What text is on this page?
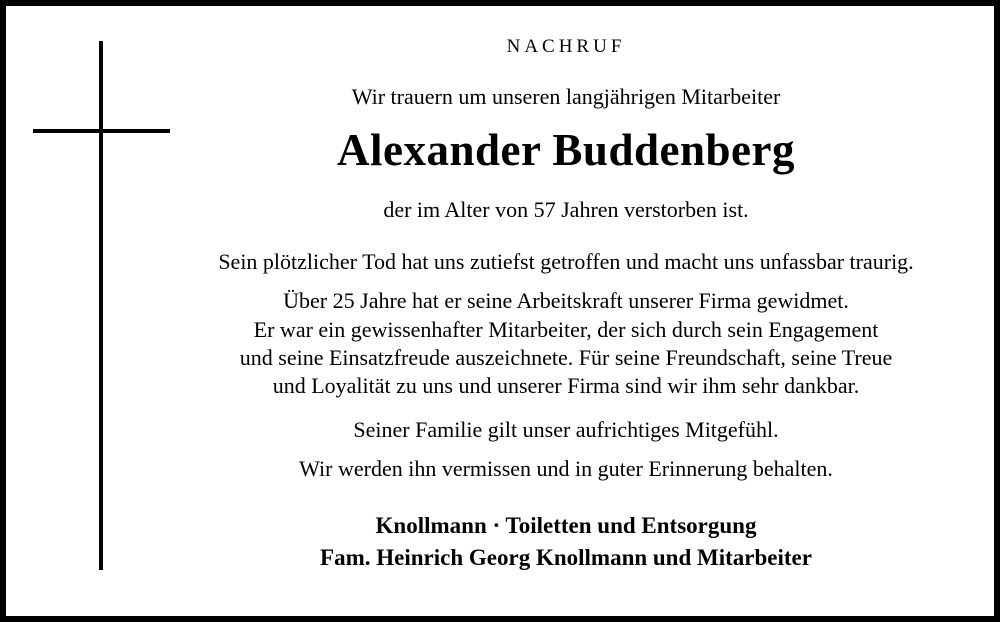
NACHRUF
Wir trauern um unseren langjährigen Mitarbeiter
Alexander Buddenberg
der im Alter von 57 Jahren verstorben ist.
Sein plötzlicher Tod hat uns zutiefst getroffen und macht uns unfassbar traurig.
Über 25 Jahre hat er seine Arbeitskraft unserer Firma gewidmet.
Er war ein gewissenhafter Mitarbeiter, der sich durch sein Engagement
und seine Einsatzfreude auszeichnete. Für seine Freundschaft, seine Treue
und Loyalität zu uns und unserer Firma sind wir ihm sehr dankbar.
Seiner Familie gilt unser aufrichtiges Mitgefühl.
Wir werden ihn vermissen und in guter Erinnerung behalten.
Knollmann · Toiletten und Entsorgung
Fam. Heinrich Georg Knollmann und Mitarbeiter
